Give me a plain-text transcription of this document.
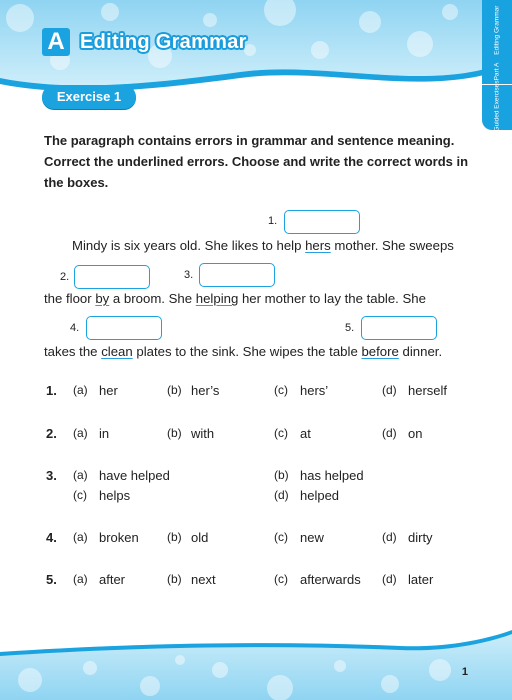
A Editing Grammar
Part A
Editing Grammar
Guided Exercises
Exercise 1
The paragraph contains errors in grammar and sentence meaning. Correct the underlined errors. Choose and write the correct words in the boxes.
1.
Mindy is six years old. She likes to help hers mother. She sweeps
2.	3.
the floor by a broom. She helping her mother to lay the table. She
4.	5.
takes the clean plates to the sink. She wipes the table before dinner.
1. (a) her	(b) her’s	(c) hers’	(d) herself
2. (a) in	(b) with	(c) at	(d) on
3. (a) have helped	(b) has helped
(c) helps	(d) helped
4. (a) broken (b) old	(c) new	(d) dirty
5. (a) after	(b) next	(c) afterwards (d) later
1
